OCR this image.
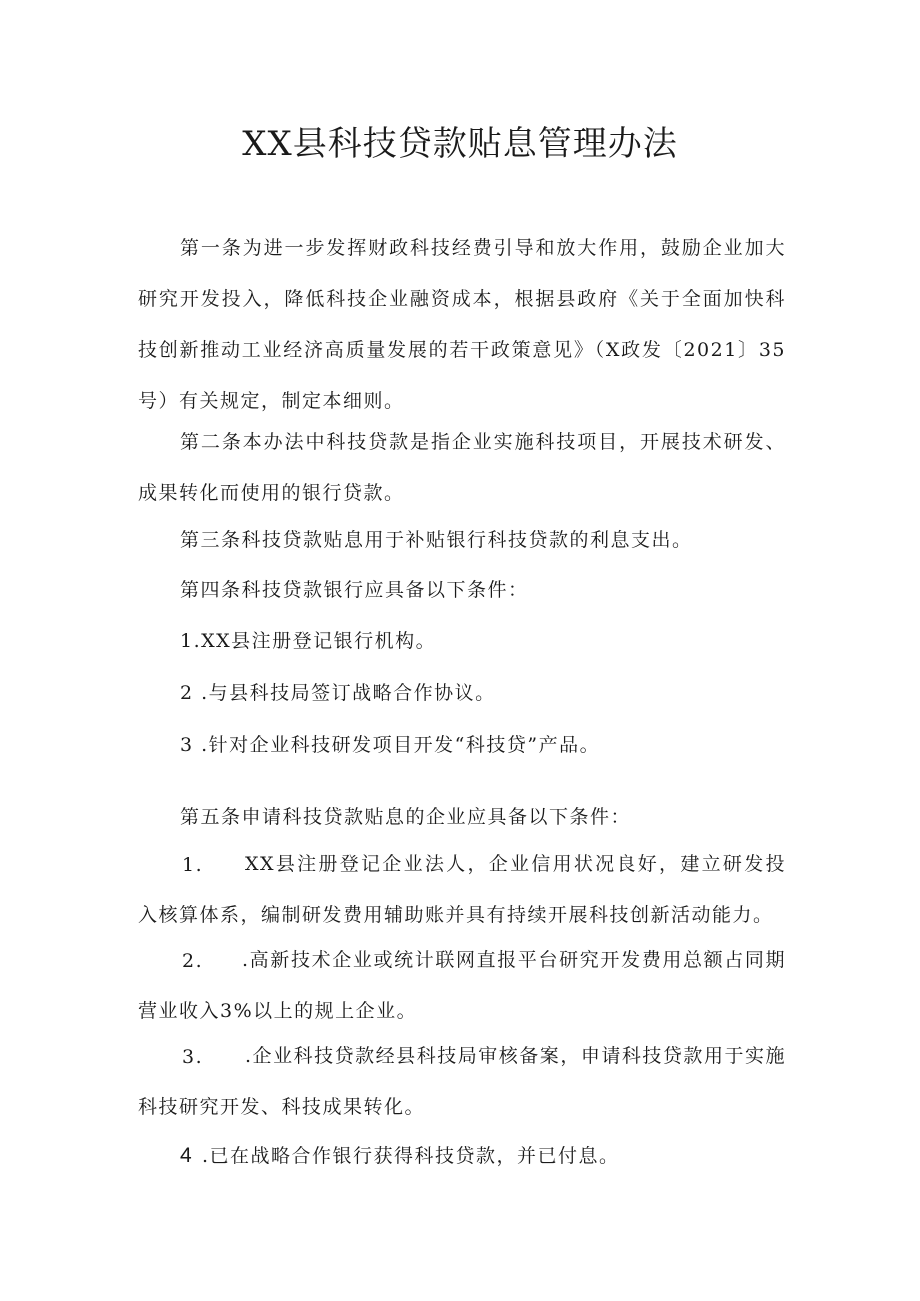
XX县科技贷款贴息管理办法

第一条为进一步发挥财政科技经费引导和放大作用，鼓励企业加大研究开发投入，降低科技企业融资成本，根据县政府《关于全面加快科技创新推动工业经济高质量发展的若干政策意见》（X政发〔2021〕35号）有关规定，制定本细则。

第二条本办法中科技贷款是指企业实施科技项目，开展技术研发、成果转化而使用的银行贷款。

第三条科技贷款贴息用于补贴银行科技贷款的利息支出。

第四条科技贷款银行应具备以下条件：

1.XX县注册登记银行机构。

2 .与县科技局签订战略合作协议。

3 .针对企业科技研发项目开发“科技贷”产品。

第五条申请科技贷款贴息的企业应具备以下条件：

1.	XX县注册登记企业法人，企业信用状况良好，建立研发投入核算体系，编制研发费用辅助账并具有持续开展科技创新活动能力。

2.	.高新技术企业或统计联网直报平台研究开发费用总额占同期营业收入3%以上的规上企业。

3.	.企业科技贷款经县科技局审核备案，申请科技贷款用于实施科技研究开发、科技成果转化。

4 .已在战略合作银行获得科技贷款，并已付息。
